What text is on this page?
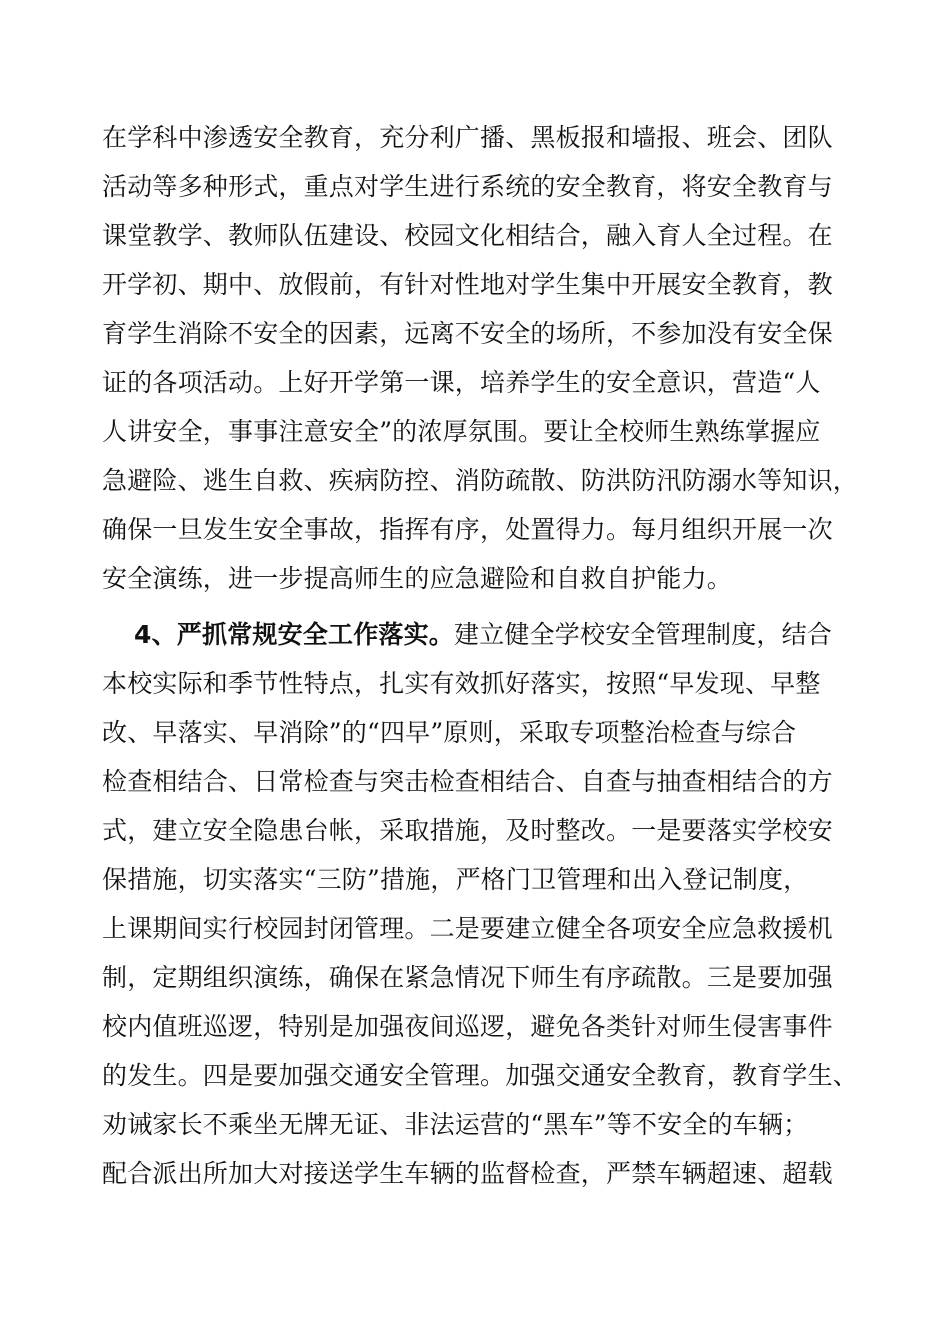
在学科中渗透安全教育，充分利广播、黑板报和墙报、班会、团队
活动等多种形式，重点对学生进行系统的安全教育，将安全教育与
课堂教学、教师队伍建设、校园文化相结合，融入育人全过程。在
开学初、期中、放假前，有针对性地对学生集中开展安全教育，教
育学生消除不安全的因素，远离不安全的场所，不参加没有安全保
证的各项活动。上好开学第一课，培养学生的安全意识，营造“人
人讲安全，事事注意安全”的浓厚氛围。要让全校师生熟练掌握应
急避险、逃生自救、疾病防控、消防疏散、防洪防汛防溺水等知识，
确保一旦发生安全事故，指挥有序，处置得力。每月组织开展一次
安全演练，进一步提高师生的应急避险和自救自护能力。
4、严抓常规安全工作落实。建立健全学校安全管理制度，结合
本校实际和季节性特点，扎实有效抓好落实，按照“早发现、早整
改、早落实、早消除”的“四早”原则，采取专项整治检查与综合
检查相结合、日常检查与突击检查相结合、自查与抽查相结合的方
式，建立安全隐患台帐，采取措施，及时整改。一是要落实学校安
保措施，切实落实“三防”措施，严格门卫管理和出入登记制度，
上课期间实行校园封闭管理。二是要建立健全各项安全应急救援机
制，定期组织演练，确保在紧急情况下师生有序疏散。三是要加强
校内值班巡逻，特别是加强夜间巡逻，避免各类针对师生侵害事件
的发生。四是要加强交通安全管理。加强交通安全教育，教育学生、
劝诫家长不乘坐无牌无证、非法运营的“黑车”等不安全的车辆；
配合派出所加大对接送学生车辆的监督检查，严禁车辆超速、超载
